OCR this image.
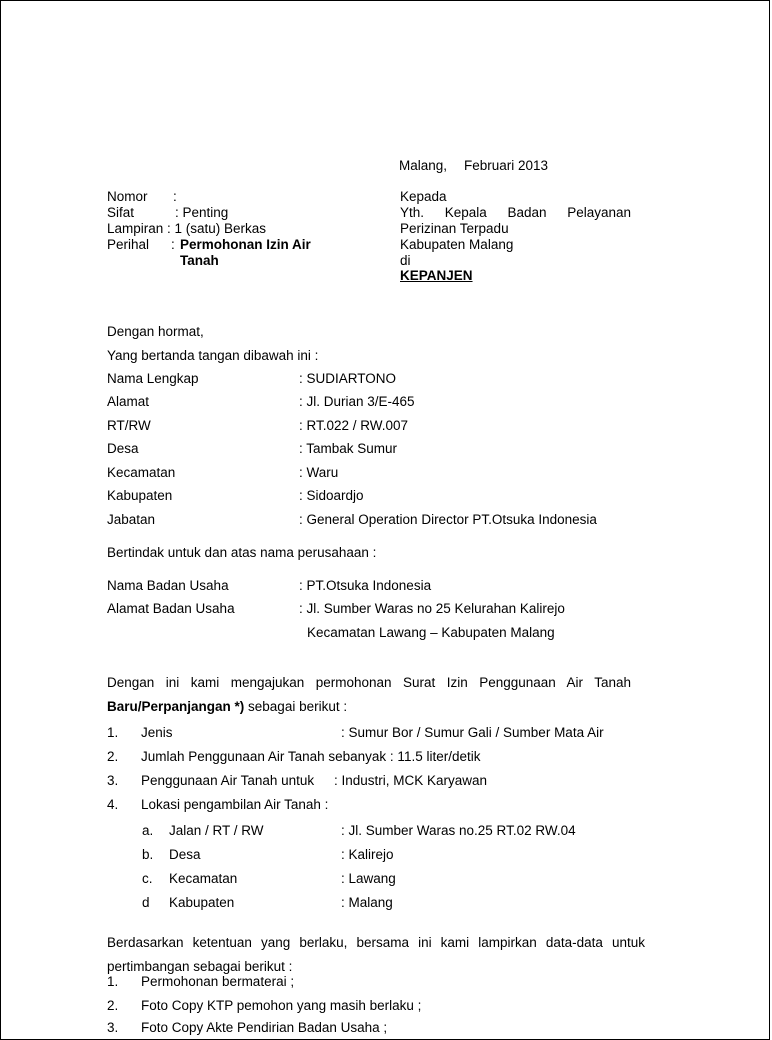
Malang, Februari 2013
Nomor :
Sifat	: Penting
Lampiran : 1 (satu) Berkas
Perihal : Permohonan Izin Air
Tanah
Kepada
Yth. Kepala Badan Pelayanan
Perizinan Terpadu
Kabupaten Malang
di
KEPANJEN
Dengan hormat,
Yang bertanda tangan dibawah ini :
Nama Lengkap	: SUDIARTONO
Alamat	: Jl. Durian 3/E-465
RT/RW	: RT.022 / RW.007
Desa	: Tambak Sumur
Kecamatan	: Waru
Kabupaten	: Sidoardjo
Jabatan	: General Operation Director PT.Otsuka Indonesia
Bertindak untuk dan atas nama perusahaan :
Nama Badan Usaha	: PT.Otsuka Indonesia
Alamat Badan Usaha	: Jl. Sumber Waras no 25 Kelurahan Kalirejo
Kecamatan Lawang – Kabupaten Malang
Dengan ini kami mengajukan permohonan Surat Izin Penggunaan Air Tanah
Baru/Perpanjangan *) sebagai berikut :
1. Jenis	: Sumur Bor / Sumur Gali / Sumber Mata Air
2. Jumlah Penggunaan Air Tanah sebanyak : 11.5 liter/detik
3. Penggunaan Air Tanah untuk : Industri, MCK Karyawan
4. Lokasi pengambilan Air Tanah :
a. Jalan / RT / RW	: Jl. Sumber Waras no.25 RT.02 RW.04
b. Desa	: Kalirejo
c. Kecamatan	: Lawang
d Kabupaten	: Malang
Berdasarkan ketentuan yang berlaku, bersama ini kami lampirkan data-data untuk
pertimbangan sebagai berikut :
1. Permohonan bermaterai ;
2. Foto Copy KTP pemohon yang masih berlaku ;
3. Foto Copy Akte Pendirian Badan Usaha ;
